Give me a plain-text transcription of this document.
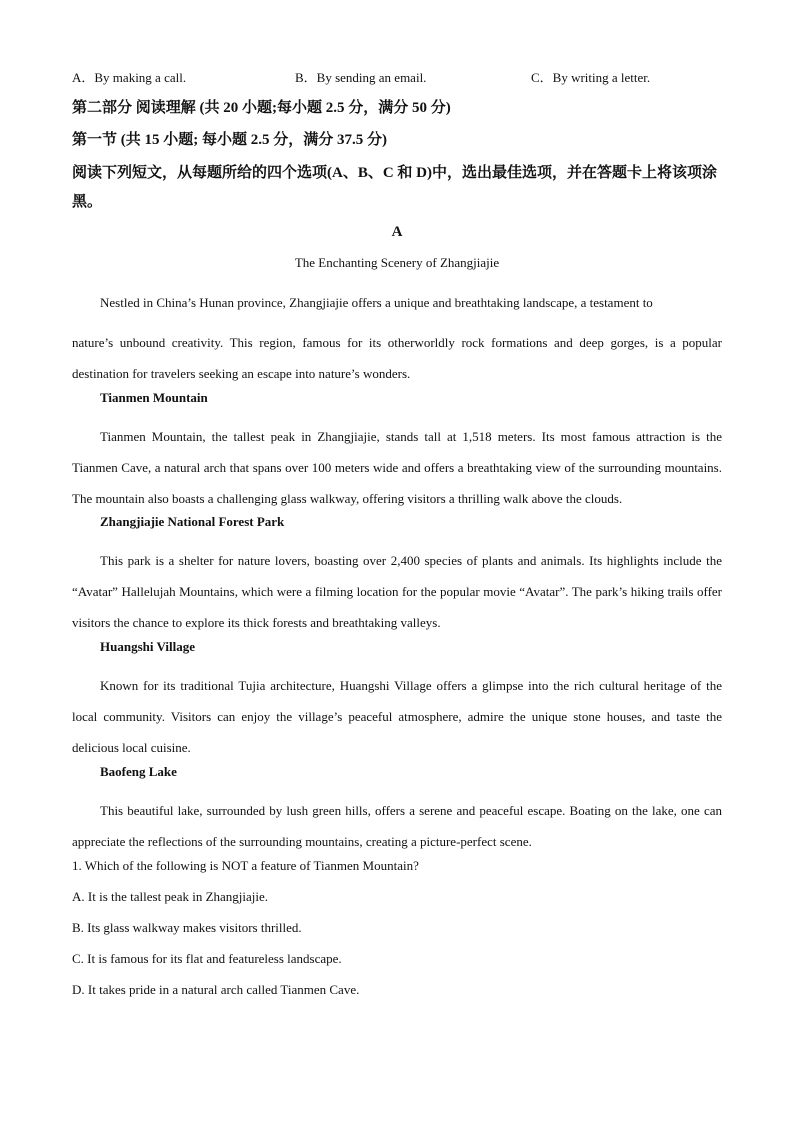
A．By making a call.	B．By sending an email.	C．By writing a letter.
第二部分 阅读理解 (共 20 小题;每小题 2.5 分，满分 50 分)
第一节 (共 15 小题; 每小题 2.5 分，满分 37.5 分)
阅读下列短文，从每题所给的四个选项(A、B、C 和 D)中，选出最佳选项，并在答题卡上将该项涂黑。
A
The Enchanting Scenery of Zhangjiajie
Nestled in China’s Hunan province, Zhangjiajie offers a unique and breathtaking landscape, a testament to
nature’s unbound creativity. This region, famous for its otherworldly rock formations and deep gorges, is a popular destination for travelers seeking an escape into nature’s wonders.
Tianmen Mountain
Tianmen Mountain, the tallest peak in Zhangjiajie, stands tall at 1,518 meters. Its most famous attraction is the Tianmen Cave, a natural arch that spans over 100 meters wide and offers a breathtaking view of the surrounding mountains. The mountain also boasts a challenging glass walkway, offering visitors a thrilling walk above the clouds.
Zhangjiajie National Forest Park
This park is a shelter for nature lovers, boasting over 2,400 species of plants and animals. Its highlights include the “Avatar” Hallelujah Mountains, which were a filming location for the popular movie “Avatar”. The park’s hiking trails offer visitors the chance to explore its thick forests and breathtaking valleys.
Huangshi Village
Known for its traditional Tujia architecture, Huangshi Village offers a glimpse into the rich cultural heritage of the local community. Visitors can enjoy the village’s peaceful atmosphere, admire the unique stone houses, and taste the delicious local cuisine.
Baofeng Lake
This beautiful lake, surrounded by lush green hills, offers a serene and peaceful escape. Boating on the lake, one can appreciate the reflections of the surrounding mountains, creating a picture-perfect scene.
1. Which of the following is NOT a feature of Tianmen Mountain?
A. It is the tallest peak in Zhangjiajie.
B. Its glass walkway makes visitors thrilled.
C. It is famous for its flat and featureless landscape.
D. It takes pride in a natural arch called Tianmen Cave.
